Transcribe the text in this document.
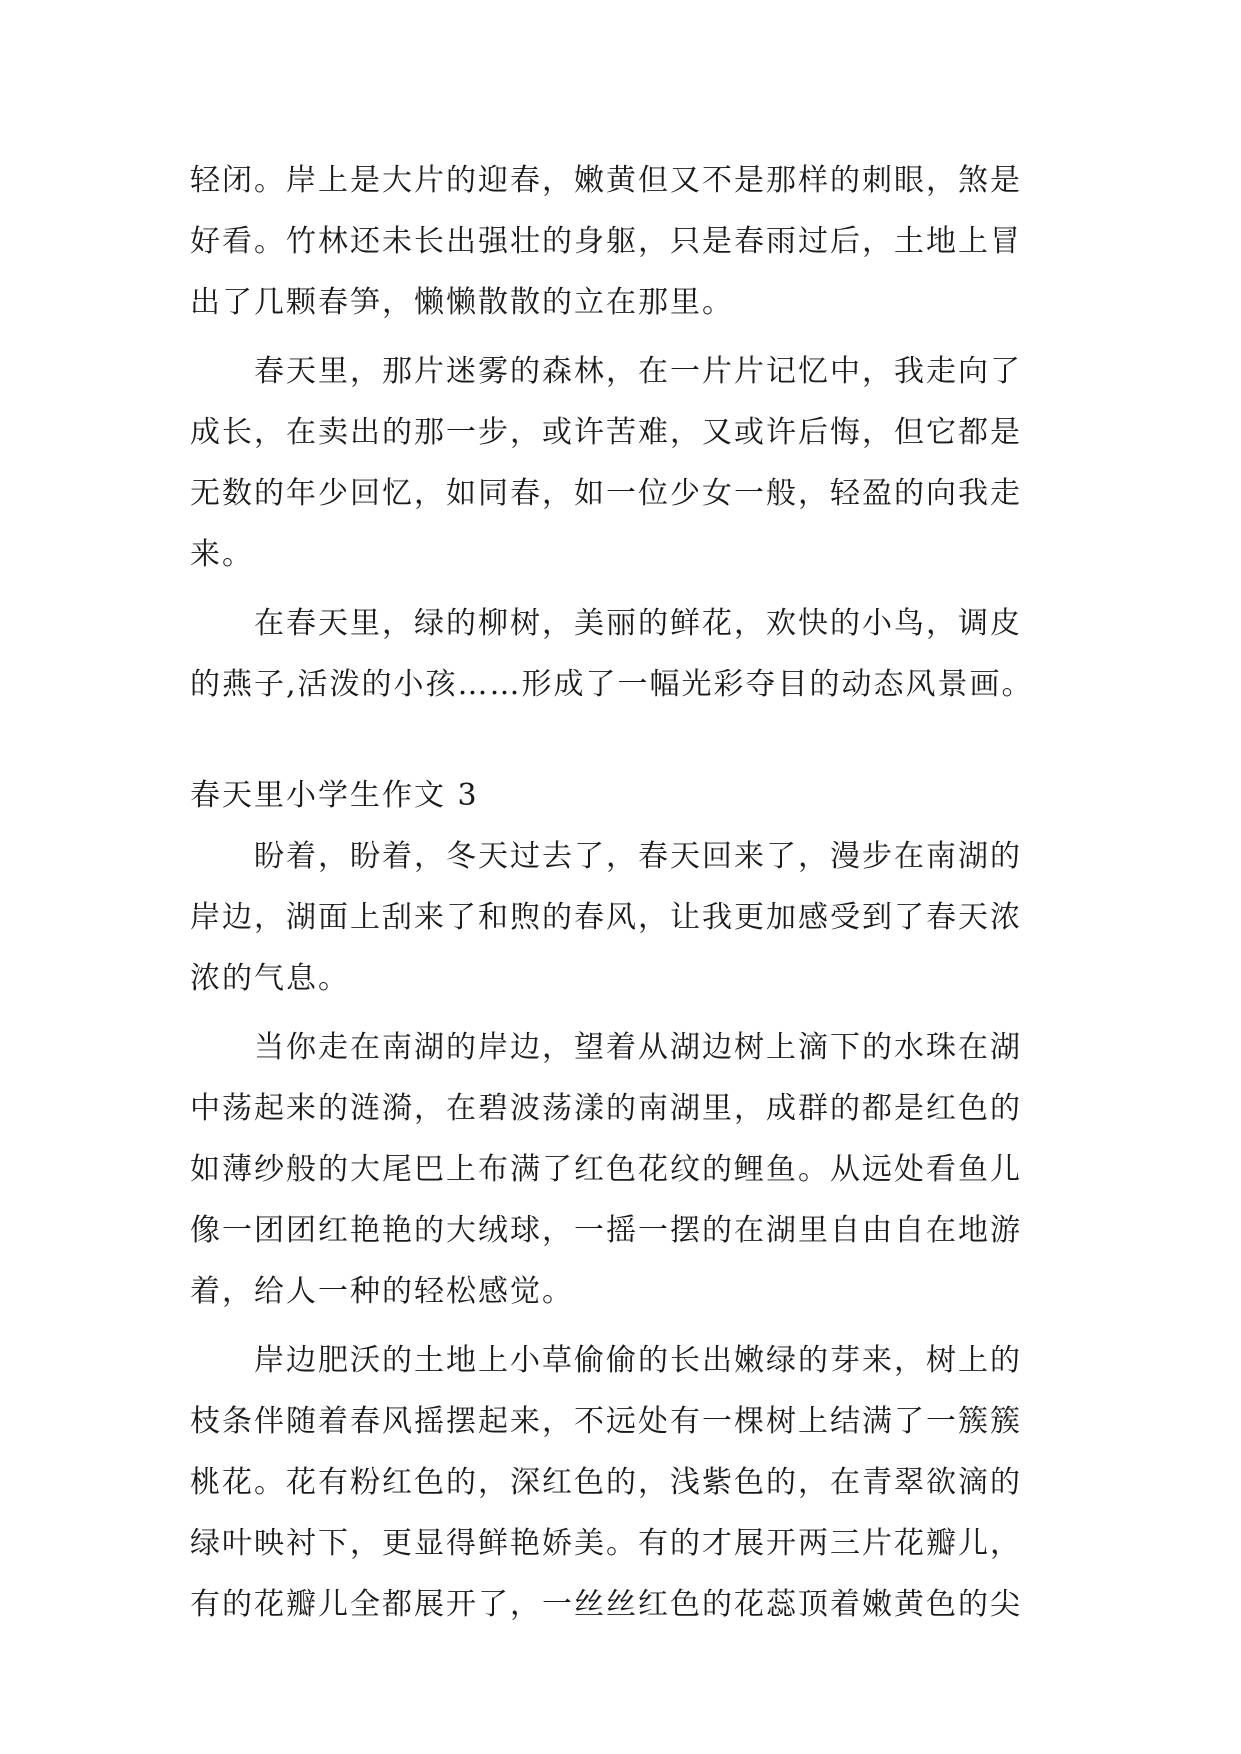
轻闭。岸上是大片的迎春，嫩黄但又不是那样的刺眼，煞是
好看。竹林还未长出强壮的身躯，只是春雨过后，土地上冒
出了几颗春笋，懒懒散散的立在那里。
春天里，那片迷雾的森林，在一片片记忆中，我走向了
成长，在卖出的那一步，或许苦难，又或许后悔，但它都是
无数的年少回忆，如同春，如一位少女一般，轻盈的向我走
来。
在春天里，绿的柳树，美丽的鲜花，欢快的小鸟，调皮
的燕子,活泼的小孩……形成了一幅光彩夺目的动态风景画。
春天里小学生作文 3
盼着，盼着，冬天过去了，春天回来了，漫步在南湖的
岸边，湖面上刮来了和煦的春风，让我更加感受到了春天浓
浓的气息。
当你走在南湖的岸边，望着从湖边树上滴下的水珠在湖
中荡起来的涟漪，在碧波荡漾的南湖里，成群的都是红色的
如薄纱般的大尾巴上布满了红色花纹的鲤鱼。从远处看鱼儿
像一团团红艳艳的大绒球，一摇一摆的在湖里自由自在地游
着，给人一种的轻松感觉。
岸边肥沃的土地上小草偷偷的长出嫩绿的芽来，树上的
枝条伴随着春风摇摆起来，不远处有一棵树上结满了一簇簇
桃花。花有粉红色的，深红色的，浅紫色的，在青翠欲滴的
绿叶映衬下，更显得鲜艳娇美。有的才展开两三片花瓣儿，
有的花瓣儿全都展开了，一丝丝红色的花蕊顶着嫩黄色的尖
